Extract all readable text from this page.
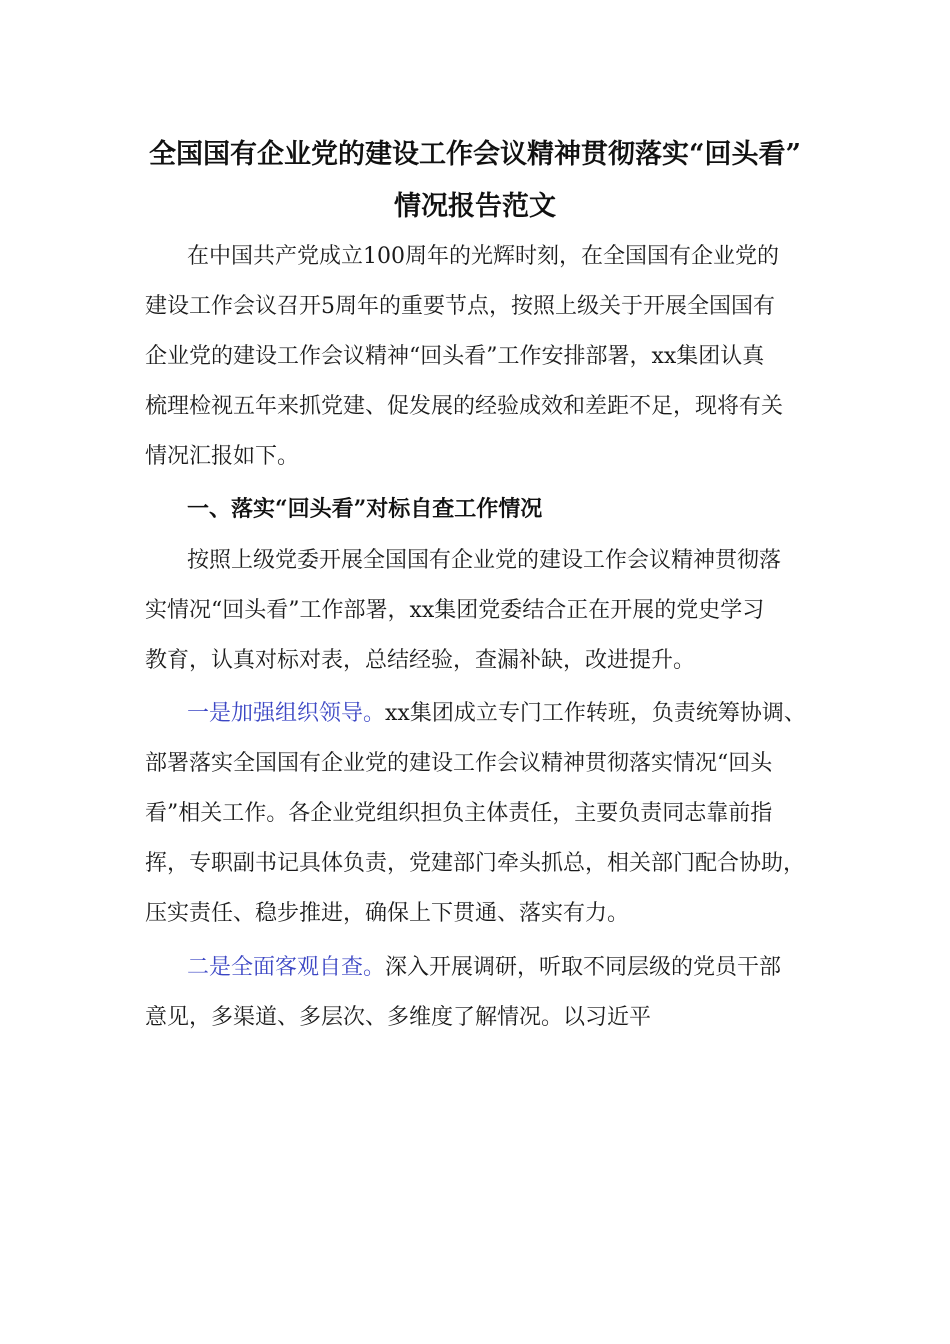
全国国有企业党的建设工作会议精神贯彻落实“回头看”
情况报告范文
在中国共产党成立100周年的光辉时刻，在全国国有企业党的
建设工作会议召开5周年的重要节点，按照上级关于开展全国国有
企业党的建设工作会议精神“回头看”工作安排部署，xx集团认真
梳理检视五年来抓党建、促发展的经验成效和差距不足，现将有关
情况汇报如下。
一、落实“回头看”对标自查工作情况
按照上级党委开展全国国有企业党的建设工作会议精神贯彻落
实情况“回头看”工作部署，xx集团党委结合正在开展的党史学习
教育，认真对标对表，总结经验，查漏补缺，改进提升。
一是加强组织领导。xx集团成立专门工作转班，负责统筹协调、
部署落实全国国有企业党的建设工作会议精神贯彻落实情况“回头
看”相关工作。各企业党组织担负主体责任，主要负责同志靠前指
挥，专职副书记具体负责，党建部门牵头抓总，相关部门配合协助，
压实责任、稳步推进，确保上下贯通、落实有力。
二是全面客观自查。深入开展调研，听取不同层级的党员干部
意见，多渠道、多层次、多维度了解情况。以习近平
